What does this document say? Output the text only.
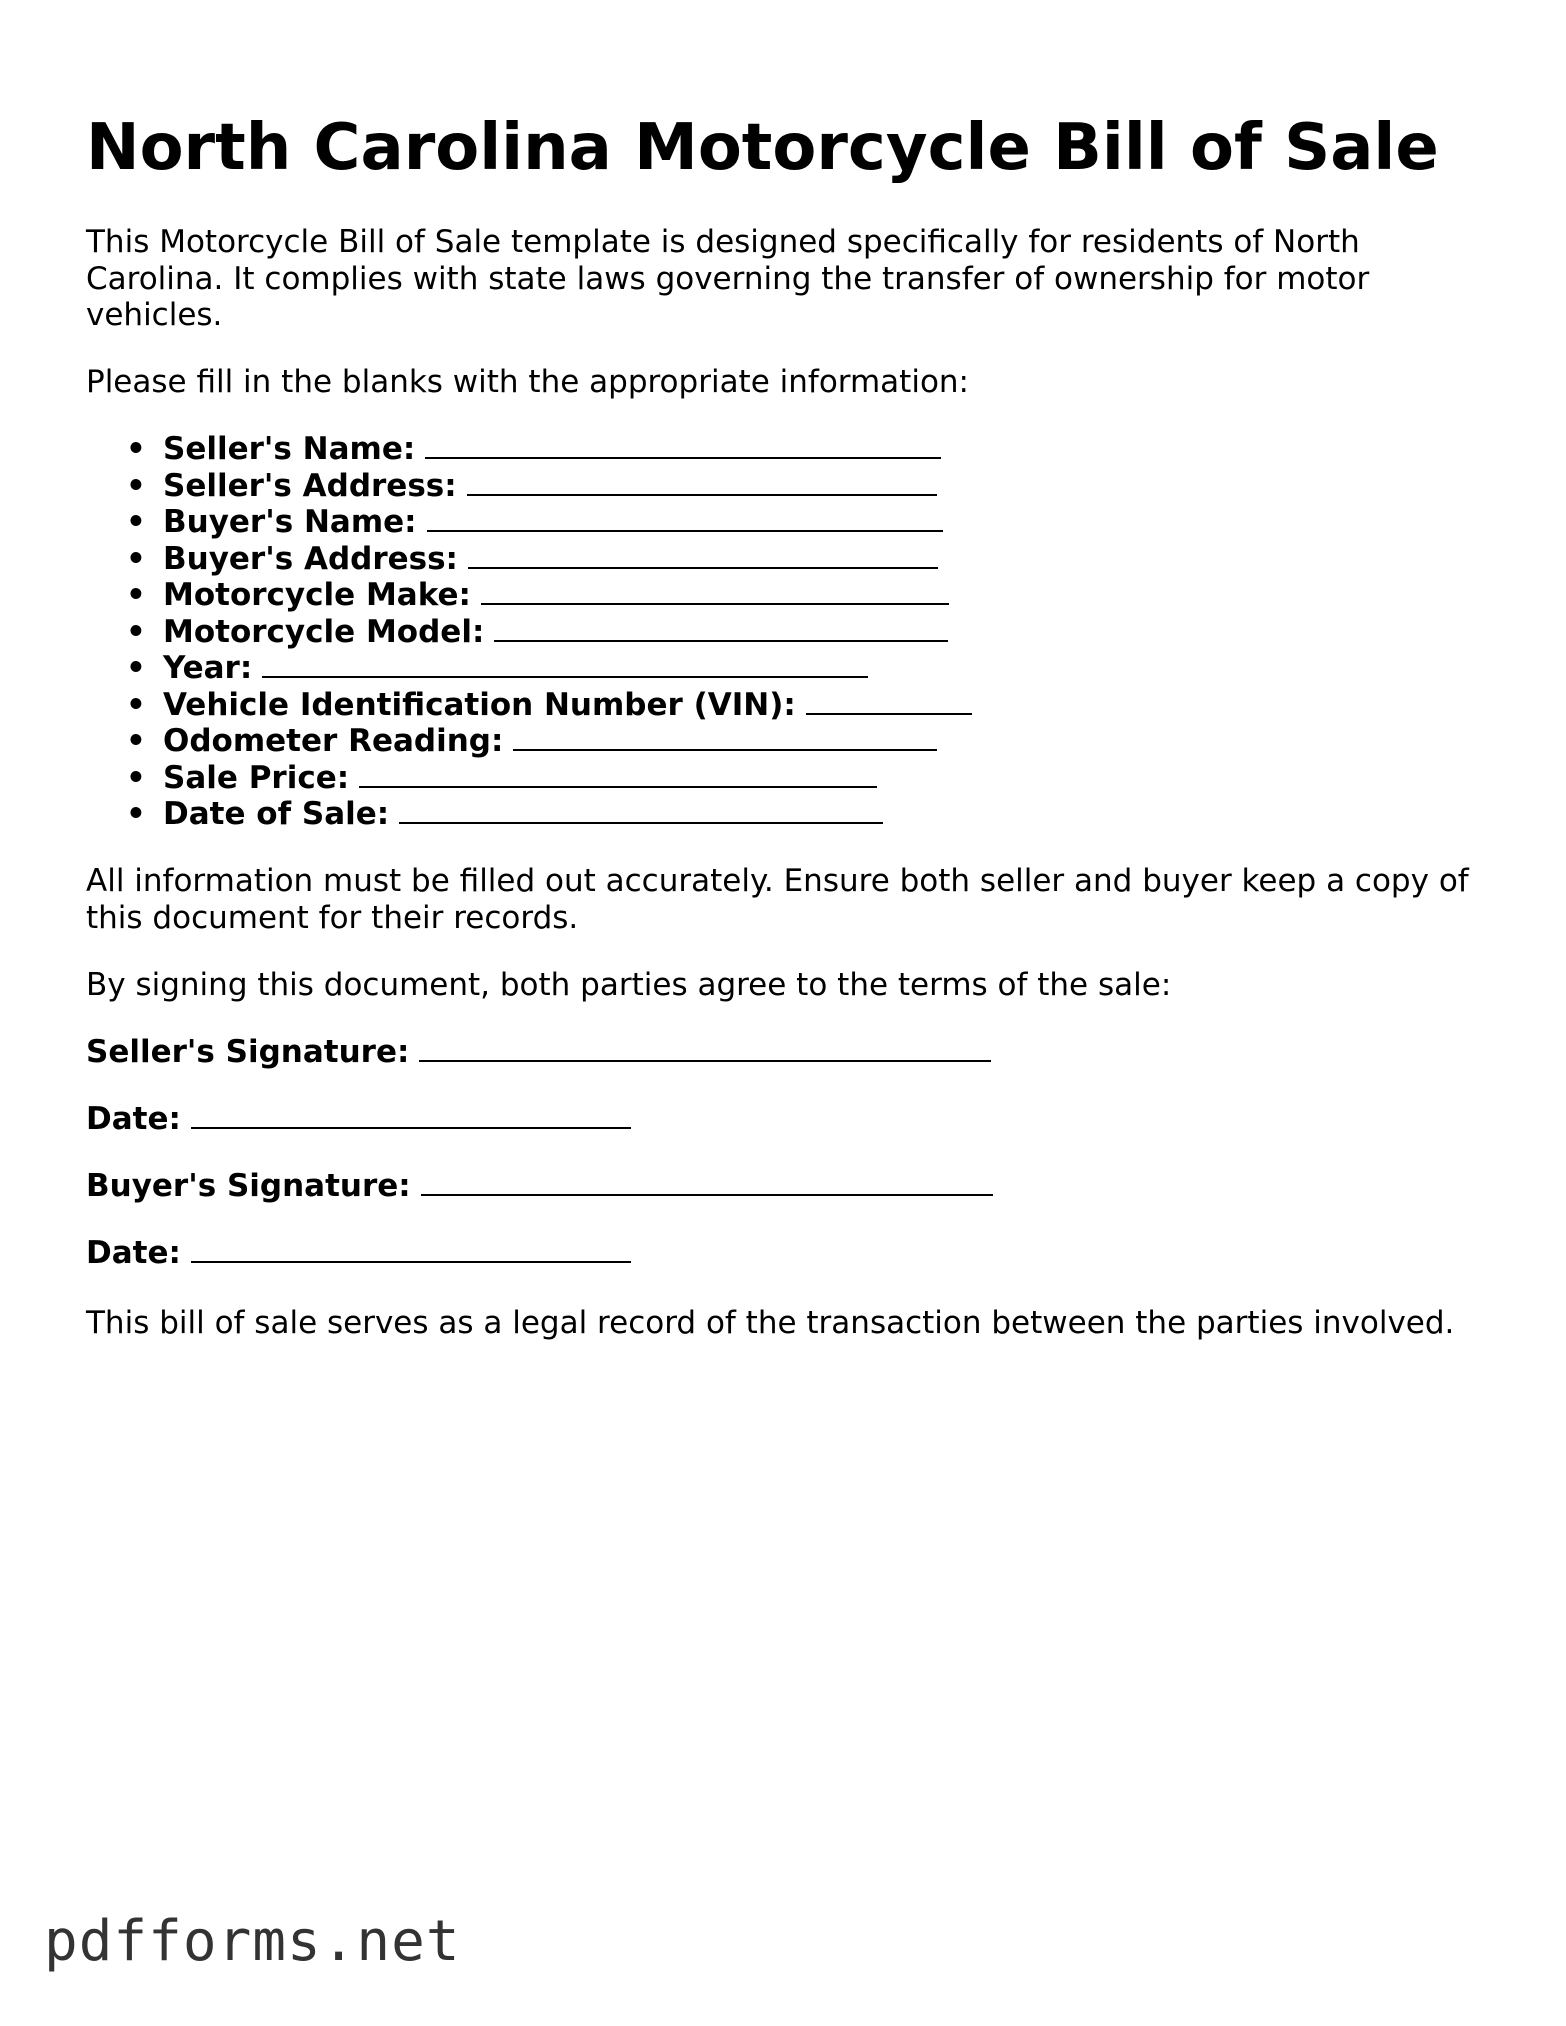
North Carolina Motorcycle Bill of Sale

This Motorcycle Bill of Sale template is designed specifically for residents of North Carolina. It complies with state laws governing the transfer of ownership for motor vehicles.

Please fill in the blanks with the appropriate information:

• Seller's Name:
• Seller's Address:
• Buyer's Name:
• Buyer's Address:
• Motorcycle Make:
• Motorcycle Model:
• Year:
• Vehicle Identification Number (VIN):
• Odometer Reading:
• Sale Price:
• Date of Sale:

All information must be filled out accurately. Ensure both seller and buyer keep a copy of this document for their records.

By signing this document, both parties agree to the terms of the sale:

Seller's Signature:

Date:

Buyer's Signature:

Date:

This bill of sale serves as a legal record of the transaction between the parties involved.

pdfforms.net
